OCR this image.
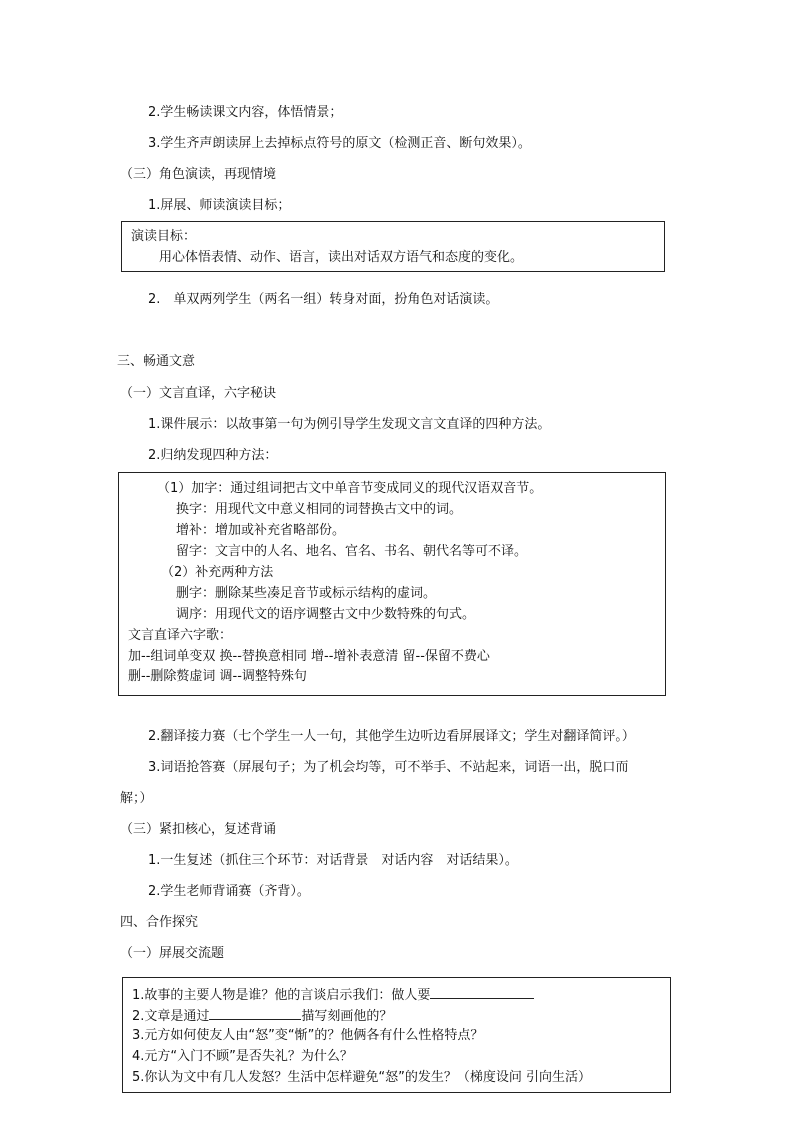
2.学生畅读课文内容，体悟情景；
3.学生齐声朗读屏上去掉标点符号的原文（检测正音、断句效果）。
（三）角色演读，再现情境
1.屏展、师读演读目标；
演读目标：
用心体悟表情、动作、语言，读出对话双方语气和态度的变化。
2.　单双两列学生（两名一组）转身对面，扮角色对话演读。
三、畅通文意
（一）文言直译，六字秘诀
1.课件展示：以故事第一句为例引导学生发现文言文直译的四种方法。
2.归纳发现四种方法：
（1）加字：通过组词把古文中单音节变成同义的现代汉语双音节。
换字：用现代文中意义相同的词替换古文中的词。
增补：增加或补充省略部份。
留字：文言中的人名、地名、官名、书名、朝代名等可不译。
（2）补充两种方法
删字：删除某些凑足音节或标示结构的虚词。
调序：用现代文的语序调整古文中少数特殊的句式。
文言直译六字歌：
加--组词单变双 换--替换意相同 增--增补表意清 留--保留不费心
删--删除赘虚词 调--调整特殊句
2.翻译接力赛（七个学生一人一句，其他学生边听边看屏展译文；学生对翻译简评。）
3.词语抢答赛（屏展句子；为了机会均等，可不举手、不站起来，词语一出，脱口而
解；）
（三）紧扣核心，复述背诵
1.一生复述（抓住三个环节：对话背景　对话内容　对话结果）。
2.学生老师背诵赛（齐背）。
四、合作探究
（一）屏展交流题
1.故事的主要人物是谁？他的言谈启示我们：做人要
2.文章是通过	描写刻画他的？
3.元方如何使友人由“怒”变“惭”的？他俩各有什么性格特点？
4.元方“入门不顾”是否失礼？为什么？
5.你认为文中有几人发怒？生活中怎样避免“怒”的发生？（梯度设问 引向生活）
